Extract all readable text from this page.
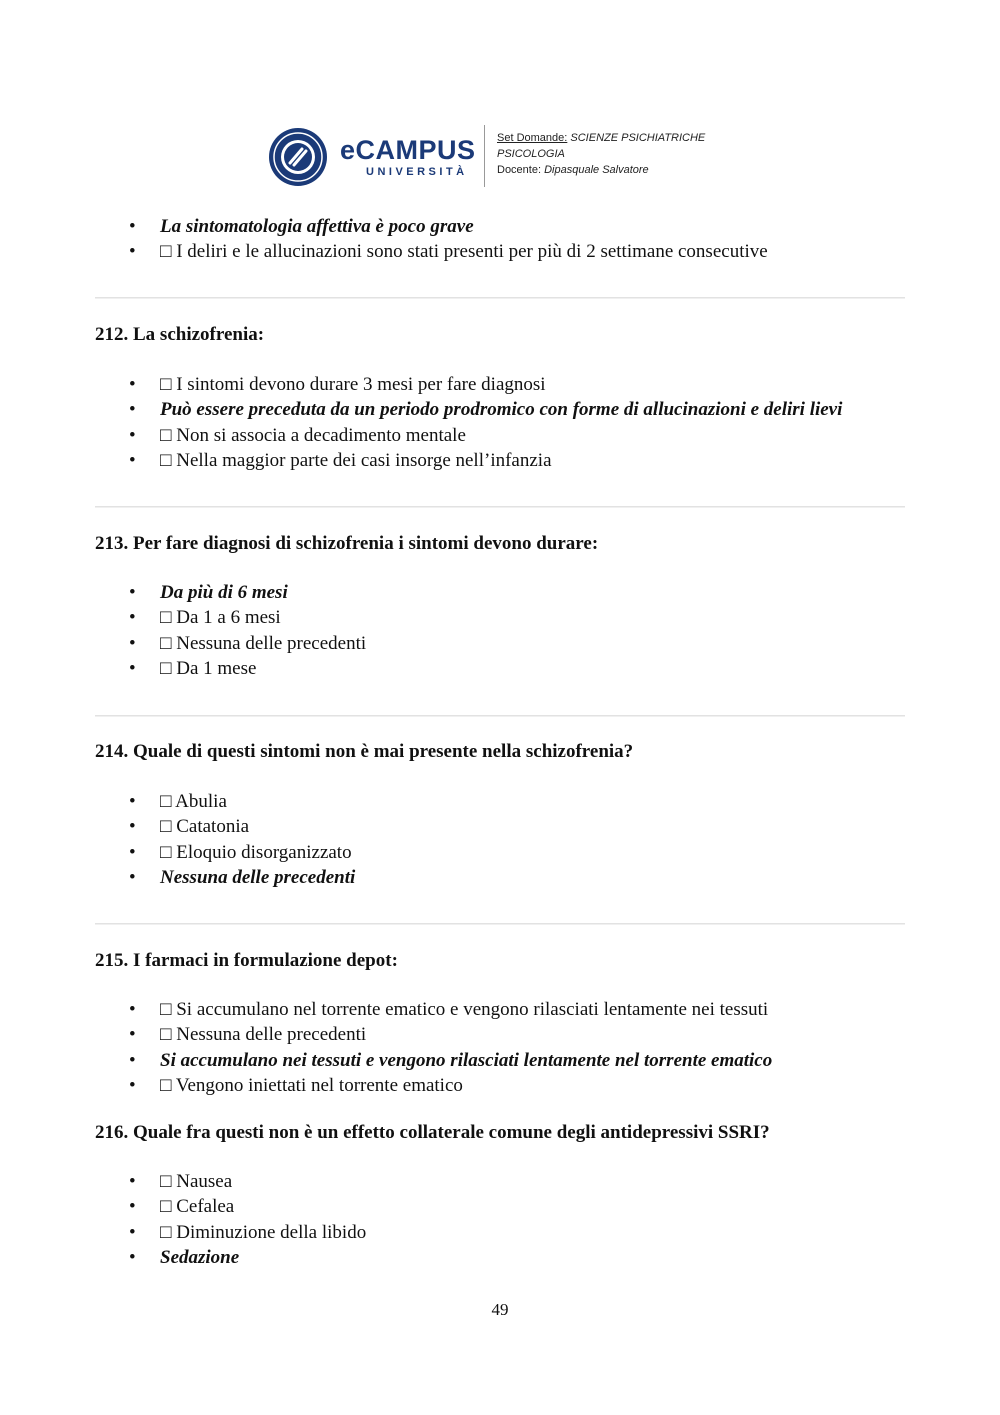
eCAMPUS
UNIVERSITÀ
Set Domande: SCIENZE PSICHIATRICHE
PSICOLOGIA
Docente: Dipasquale Salvatore
• La sintomatologia affettiva è poco grave
• □ I deliri e le allucinazioni sono stati presenti per più di 2 settimane consecutive

212. La schizofrenia:

• □ I sintomi devono durare 3 mesi per fare diagnosi
• Può essere preceduta da un periodo prodromico con forme di allucinazioni e deliri lievi
• □ Non si associa a decadimento mentale
• □ Nella maggior parte dei casi insorge nell’infanzia

213. Per fare diagnosi di schizofrenia i sintomi devono durare:

• Da più di 6 mesi
• □ Da 1 a 6 mesi
• □ Nessuna delle precedenti
• □ Da 1 mese

214. Quale di questi sintomi non è mai presente nella schizofrenia?

• □ Abulia
• □ Catatonia
• □ Eloquio disorganizzato
• Nessuna delle precedenti

215. I farmaci in formulazione depot:

• □ Si accumulano nel torrente ematico e vengono rilasciati lentamente nei tessuti
• □ Nessuna delle precedenti
• Si accumulano nei tessuti e vengono rilasciati lentamente nel torrente ematico
• □ Vengono iniettati nel torrente ematico

216. Quale fra questi non è un effetto collaterale comune degli antidepressivi SSRI?

• □ Nausea
• □ Cefalea
• □ Diminuzione della libido
• Sedazione
49
